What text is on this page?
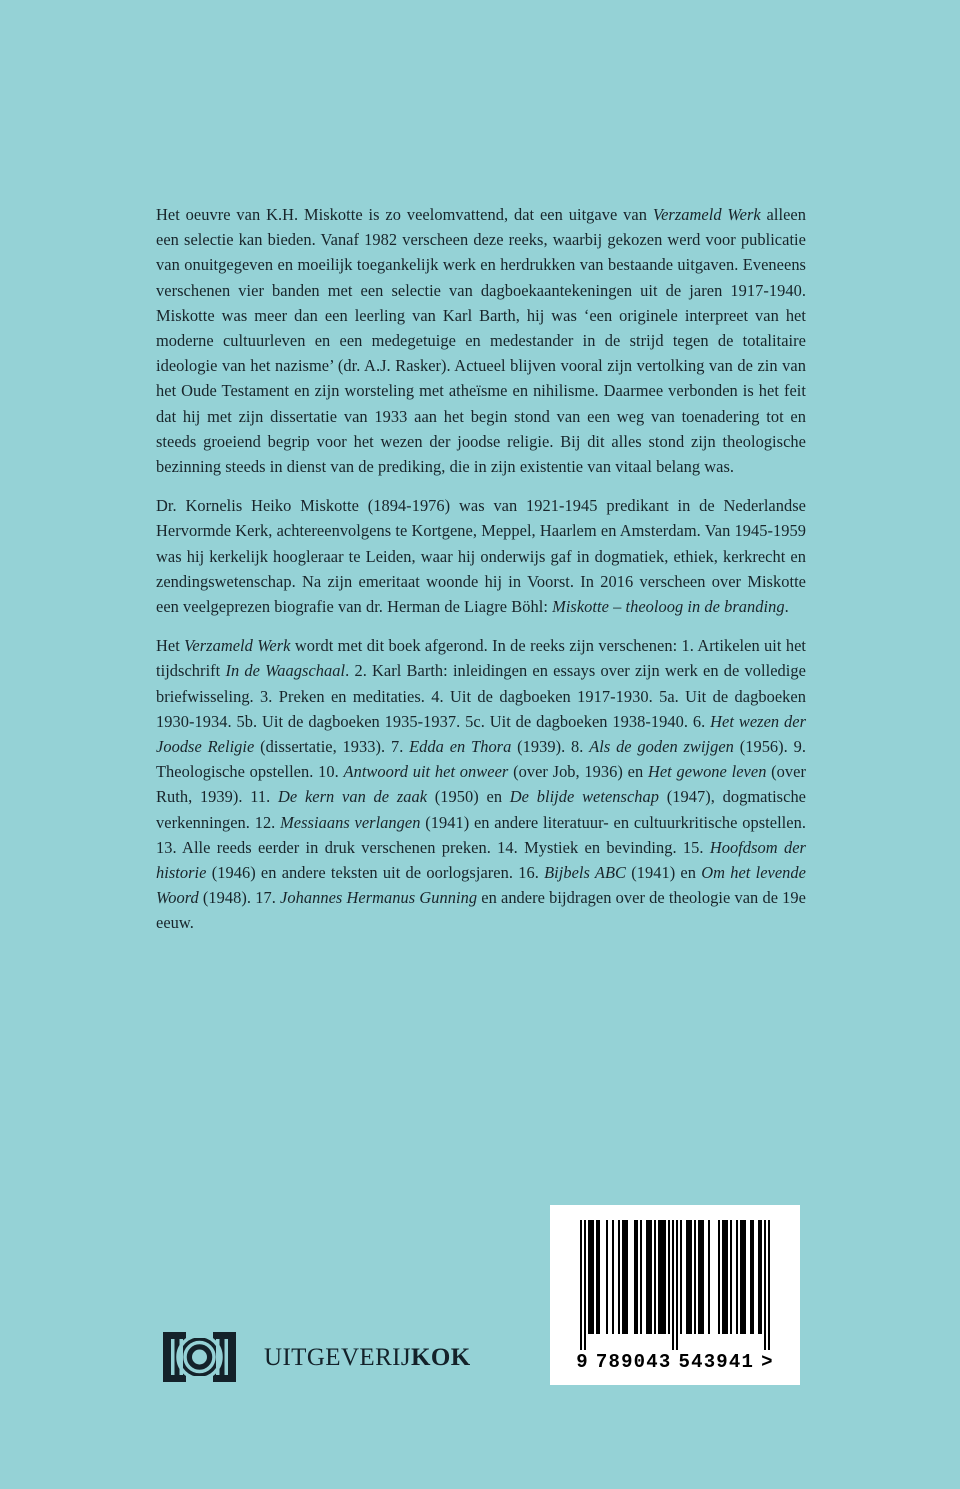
Het oeuvre van K.H. Miskotte is zo veelomvattend, dat een uitgave van Verzameld Werk alleen een selectie kan bieden. Vanaf 1982 verscheen deze reeks, waarbij gekozen werd voor publicatie van onuitgegeven en moeilijk toegankelijk werk en herdrukken van bestaande uitgaven. Eveneens verschenen vier banden met een selectie van dagboekaantekeningen uit de jaren 1917-1940. Miskotte was meer dan een leerling van Karl Barth, hij was ‘een originele interpreet van het moderne cultuurleven en een medegetuige en medestander in de strijd tegen de totalitaire ideologie van het nazisme’ (dr. A.J. Rasker). Actueel blijven vooral zijn vertolking van de zin van het Oude Testament en zijn worsteling met atheïsme en nihilisme. Daarmee verbonden is het feit dat hij met zijn dissertatie van 1933 aan het begin stond van een weg van toenadering tot en steeds groeiend begrip voor het wezen der joodse religie. Bij dit alles stond zijn theologische bezinning steeds in dienst van de prediking, die in zijn existentie van vitaal belang was.

Dr. Kornelis Heiko Miskotte (1894-1976) was van 1921-1945 predikant in de Nederlandse Hervormde Kerk, achtereenvolgens te Kortgene, Meppel, Haarlem en Amsterdam. Van 1945-1959 was hij kerkelijk hoogleraar te Leiden, waar hij onderwijs gaf in dogmatiek, ethiek, kerkrecht en zendingswetenschap. Na zijn emeritaat woonde hij in Voorst. In 2016 verscheen over Miskotte een veelgeprezen biografie van dr. Herman de Liagre Böhl: Miskotte – theoloog in de branding.

Het Verzameld Werk wordt met dit boek afgerond. In de reeks zijn verschenen: 1. Artikelen uit het tijdschrift In de Waagschaal. 2. Karl Barth: inleidingen en essays over zijn werk en de volledige briefwisseling. 3. Preken en meditaties. 4. Uit de dagboeken 1917-1930. 5a. Uit de dagboeken 1930-1934. 5b. Uit de dagboeken 1935-1937. 5c. Uit de dagboeken 1938-1940. 6. Het wezen der Joodse Religie (dissertatie, 1933). 7. Edda en Thora (1939). 8. Als de goden zwijgen (1956). 9. Theologische opstellen. 10. Antwoord uit het onweer (over Job, 1936) en Het gewone leven (over Ruth, 1939). 11. De kern van de zaak (1950) en De blijde wetenschap (1947), dogmatische verkenningen. 12. Messiaans verlangen (1941) en andere literatuur- en cultuurkritische opstellen. 13. Alle reeds eerder in druk verschenen preken. 14. Mystiek en bevinding. 15. Hoofdsom der historie (1946) en andere teksten uit de oorlogsjaren. 16. Bijbels ABC (1941) en Om het levende Woord (1948). 17. Johannes Hermanus Gunning en andere bijdragen over de theologie van de 19e eeuw.

9 789043 543941 >
UITGEVERIJKOK
